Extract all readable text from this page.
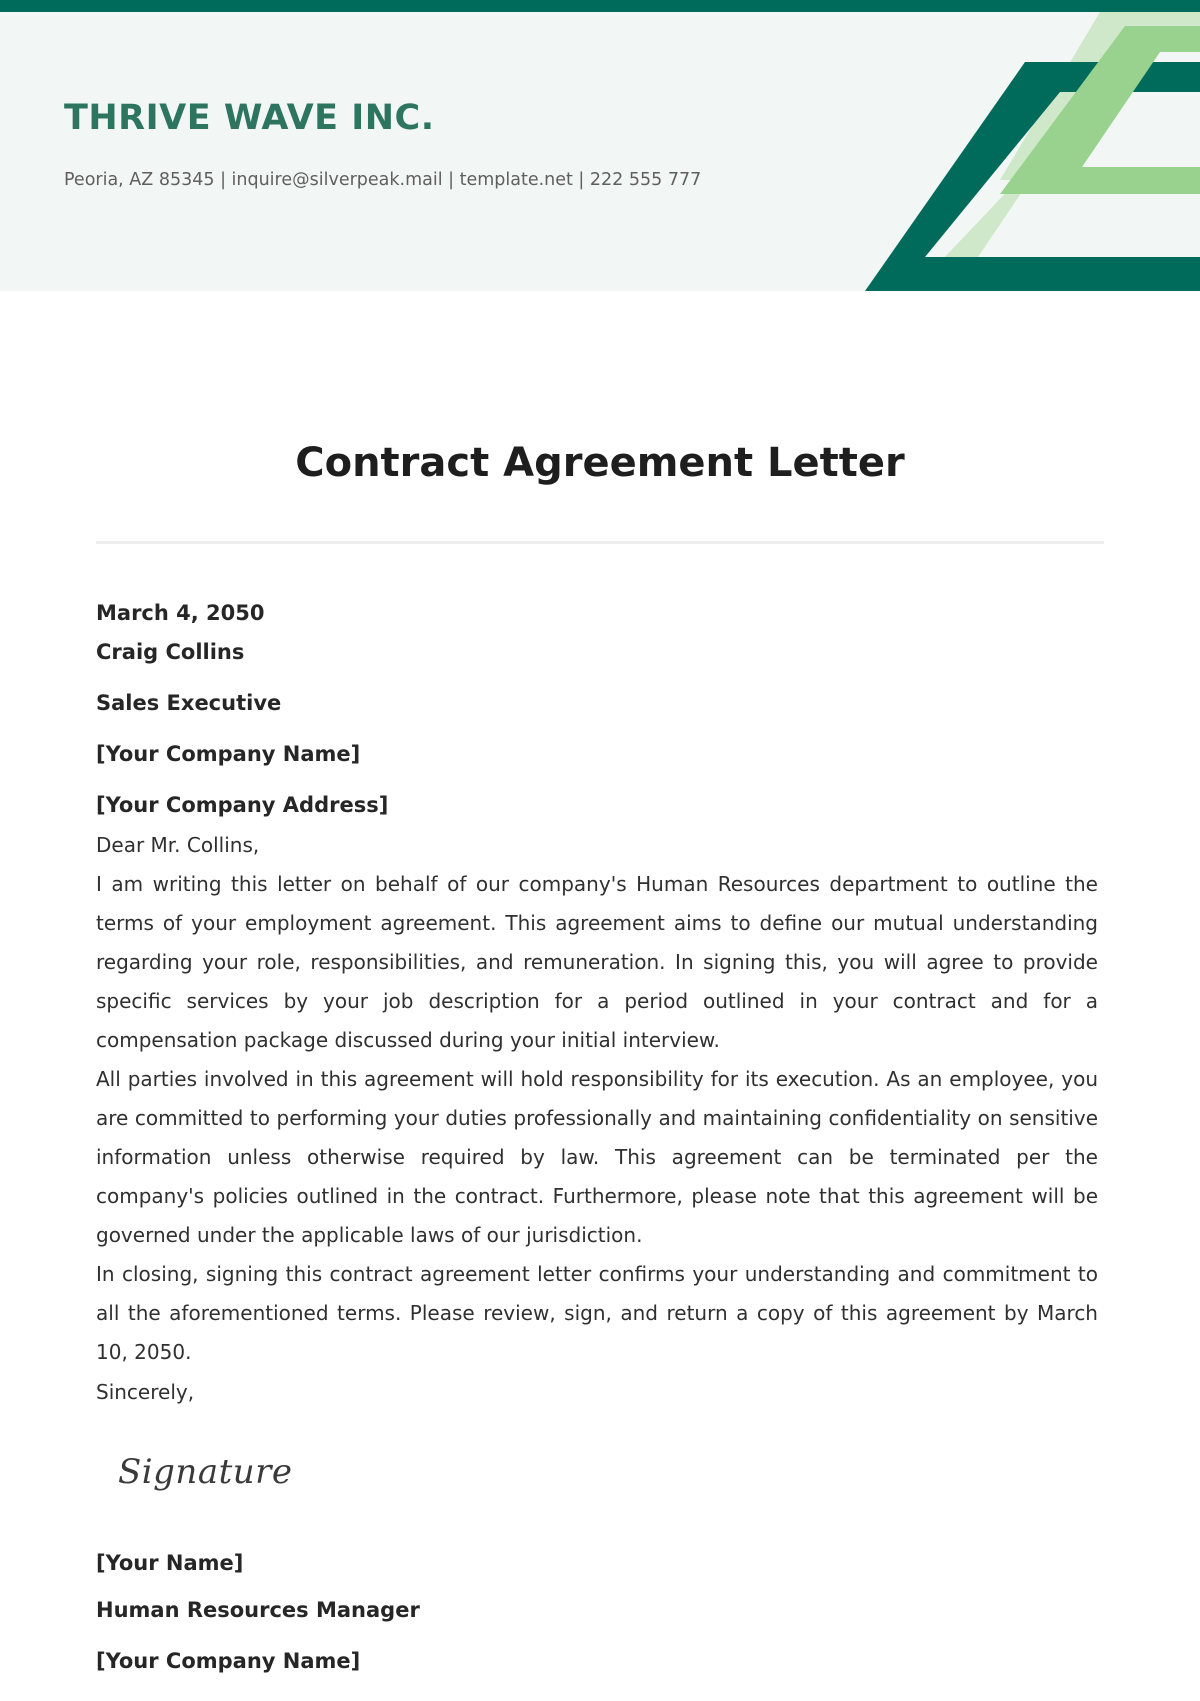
THRIVE WAVE INC.
Peoria, AZ 85345 | inquire@silverpeak.mail | template.net | 222 555 777
Contract Agreement Letter
March 4, 2050
Craig Collins
Sales Executive
[Your Company Name]
[Your Company Address]
Dear Mr. Collins,

I am writing this letter on behalf of our company's Human Resources department to outline the terms of your employment agreement. This agreement aims to define our mutual understanding regarding your role, responsibilities, and remuneration. In signing this, you will agree to provide specific services by your job description for a period outlined in your contract and for a compensation package discussed during your initial interview.

All parties involved in this agreement will hold responsibility for its execution. As an employee, you are committed to performing your duties professionally and maintaining confidentiality on sensitive information unless otherwise required by law. This agreement can be terminated per the company's policies outlined in the contract. Furthermore, please note that this agreement will be governed under the applicable laws of our jurisdiction.

In closing, signing this contract agreement letter confirms your understanding and commitment to all the aforementioned terms. Please review, sign, and return a copy of this agreement by March 10, 2050.

Sincerely,
Signature
[Your Name]
Human Resources Manager
[Your Company Name]
